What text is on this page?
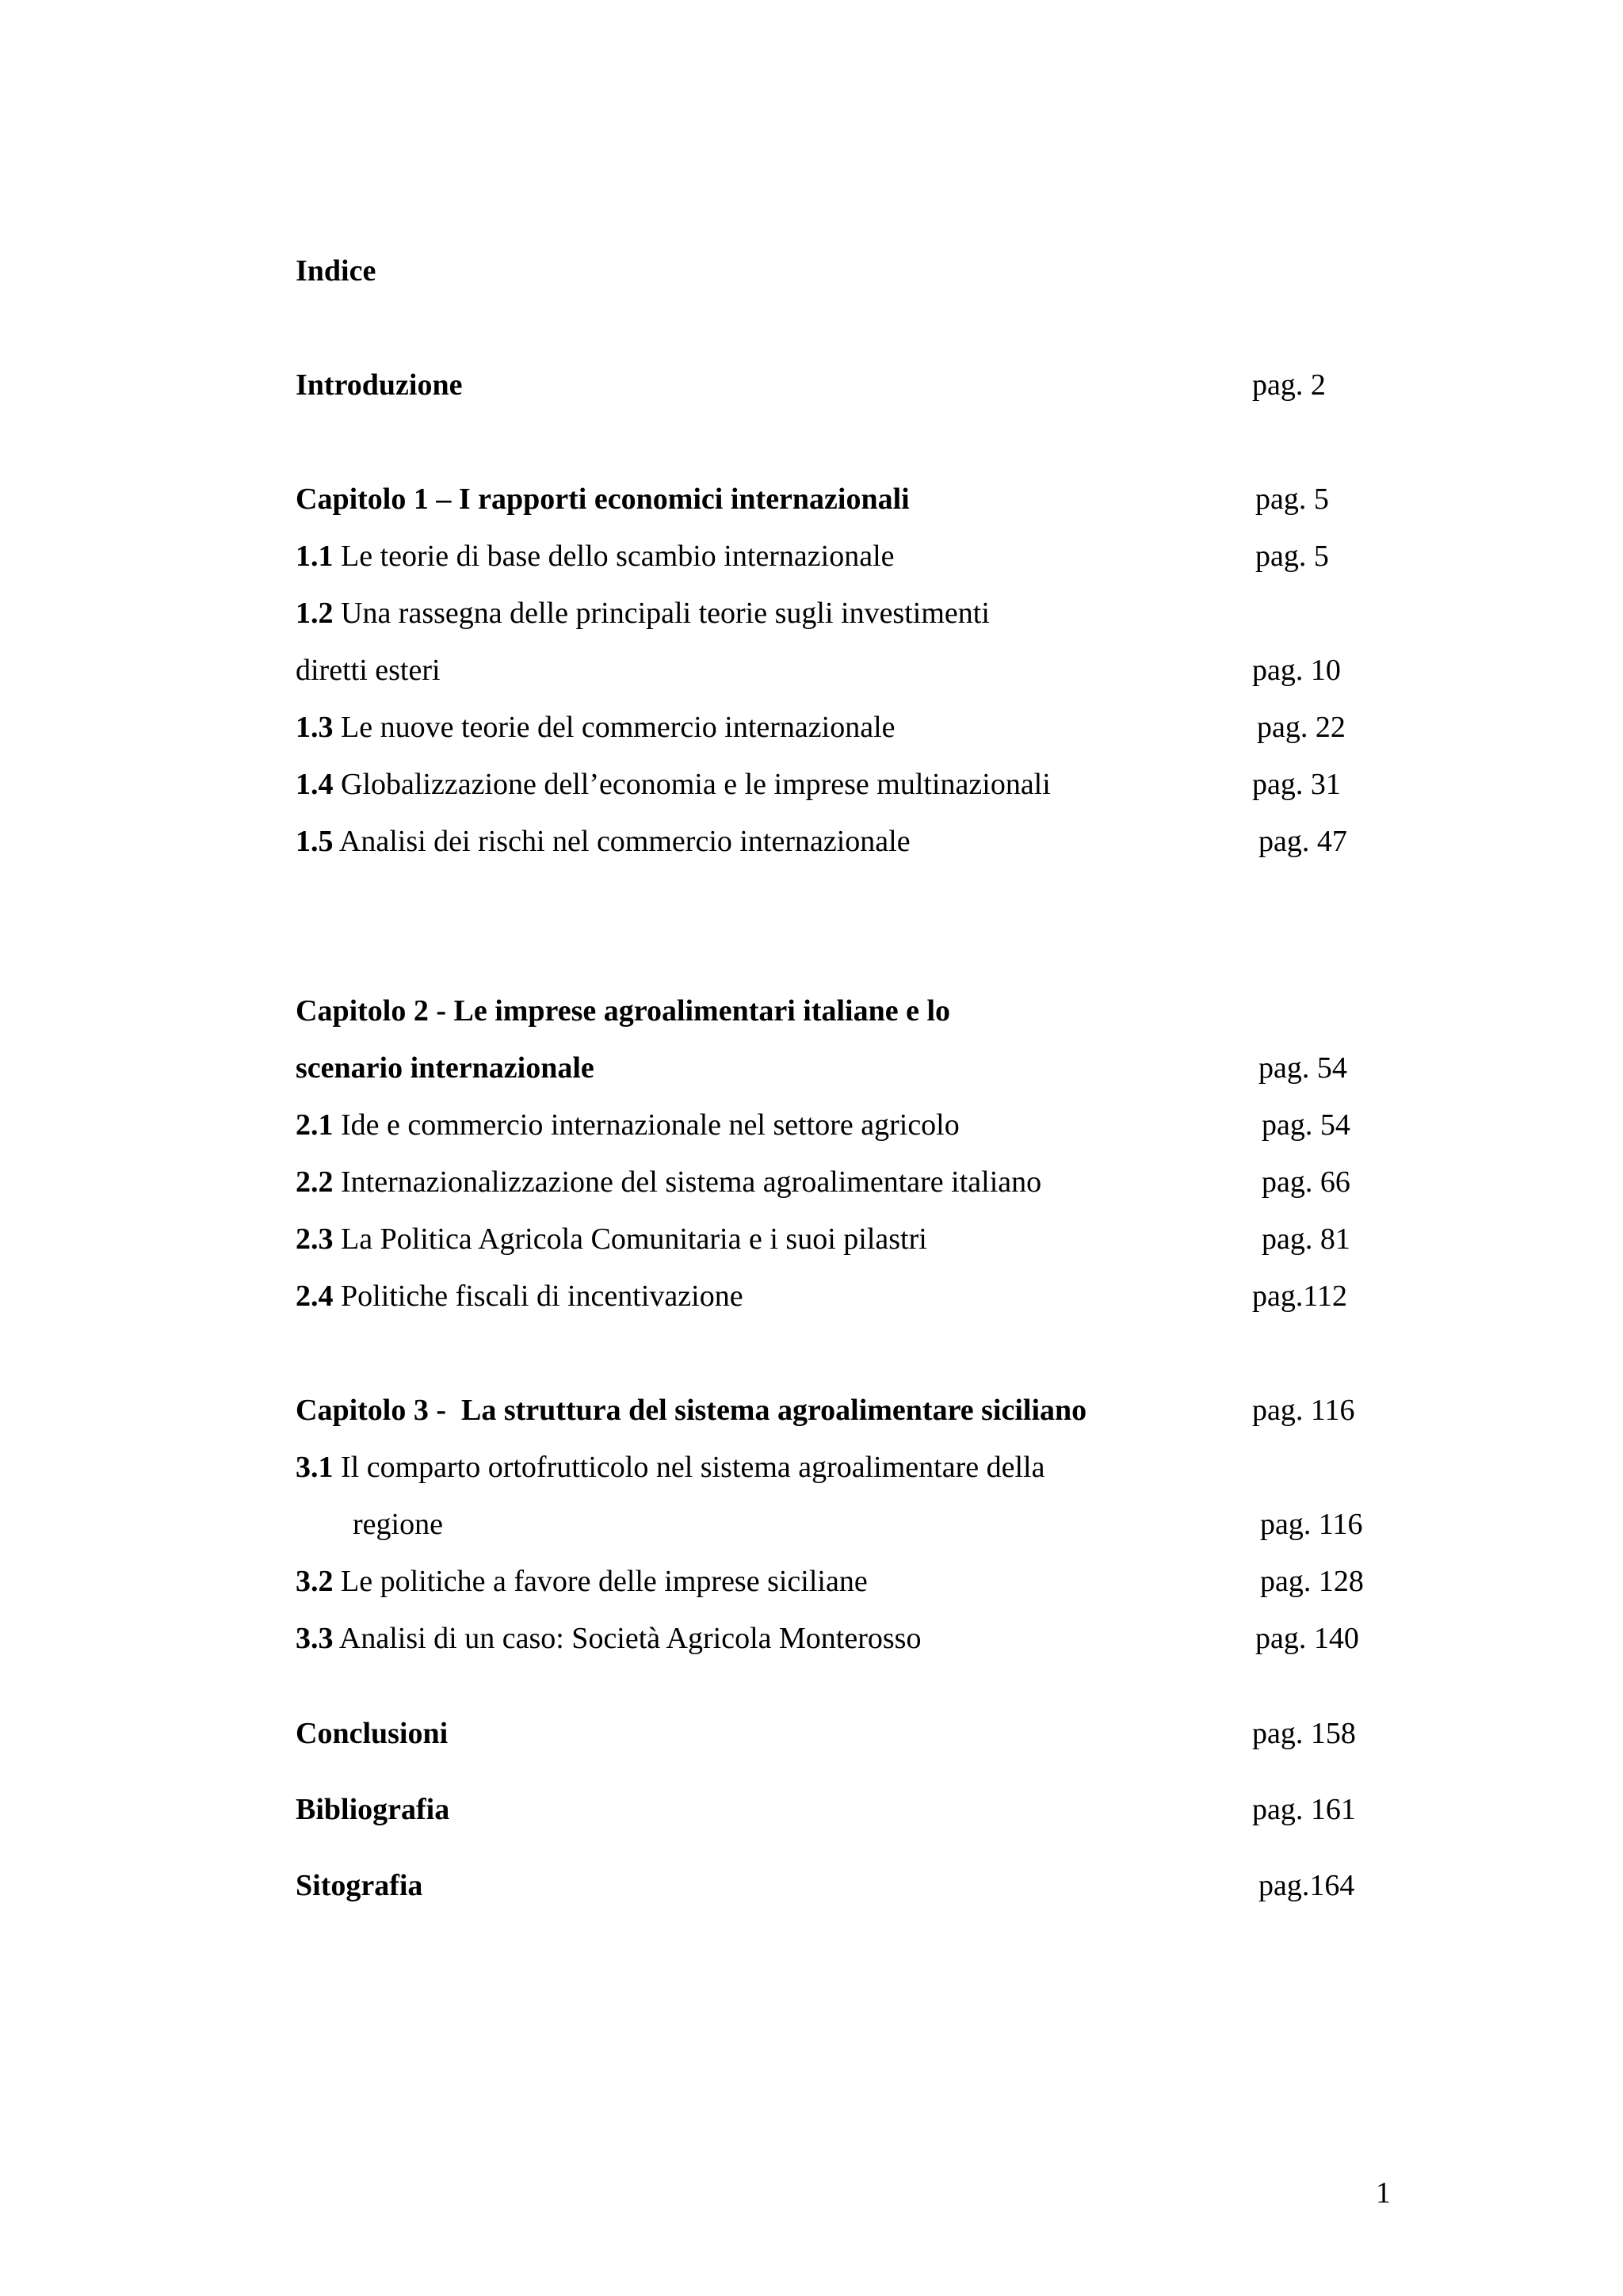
Indice
Introduzione	pag. 2
Capitolo 1 – I rapporti economici internazionali	pag. 5
1.1 Le teorie di base dello scambio internazionale	pag. 5
1.2 Una rassegna delle principali teorie sugli investimenti
diretti esteri	pag. 10
1.3 Le nuove teorie del commercio internazionale	pag. 22
1.4 Globalizzazione dell’economia e le imprese multinazionali	pag. 31
1.5 Analisi dei rischi nel commercio internazionale	pag. 47
Capitolo 2 - Le imprese agroalimentari italiane e lo
scenario internazionale	pag. 54
2.1 Ide e commercio internazionale nel settore agricolo	pag. 54
2.2 Internazionalizzazione del sistema agroalimentare italiano	pag. 66
2.3 La Politica Agricola Comunitaria e i suoi pilastri	pag. 81
2.4 Politiche fiscali di incentivazione	pag.112
Capitolo 3 -  La struttura del sistema agroalimentare siciliano	pag. 116
3.1 Il comparto ortofrutticolo nel sistema agroalimentare della
regione	pag. 116
3.2 Le politiche a favore delle imprese siciliane	pag. 128
3.3 Analisi di un caso: Società Agricola Monterosso	pag. 140
Conclusioni	pag. 158
Bibliografia	pag. 161
Sitografia	pag.164
1
